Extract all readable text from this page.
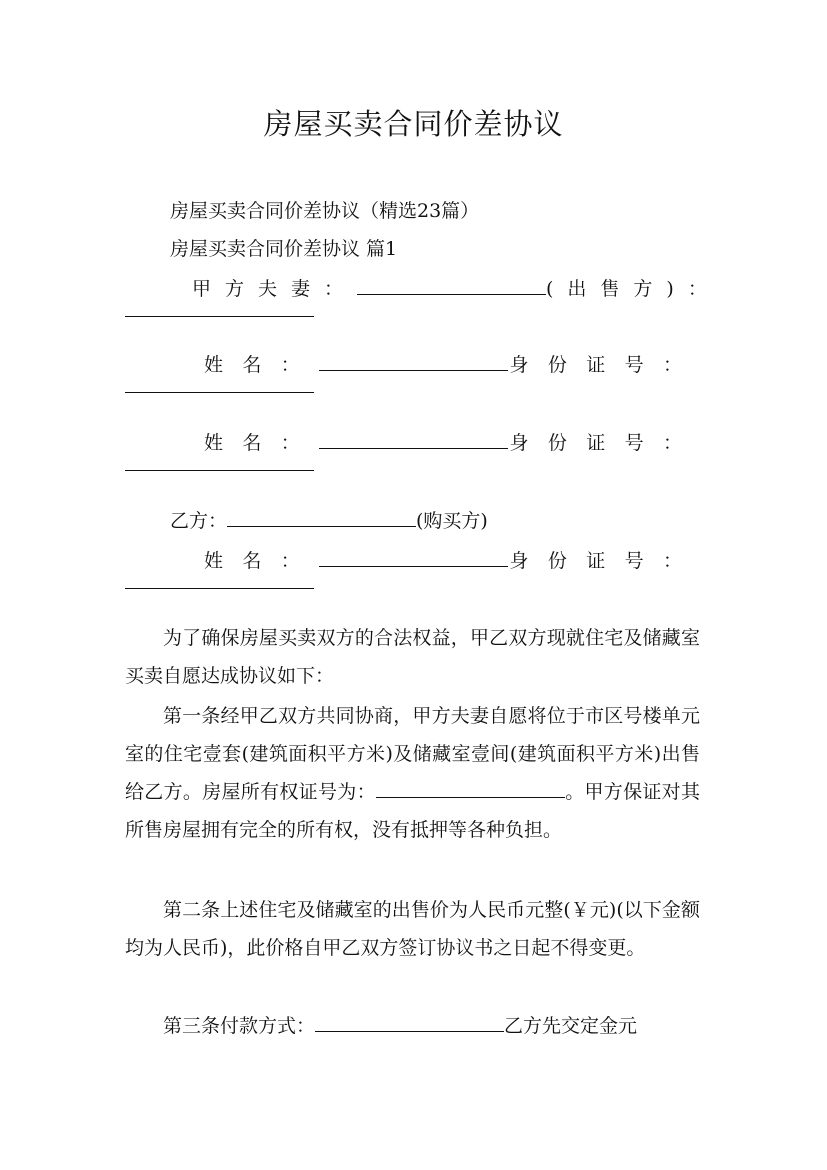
房屋买卖合同价差协议
房屋买卖合同价差协议（精选23篇）
房屋买卖合同价差协议 篇1
甲方夫妻：	(出售方)：
姓名：	身份证号：
姓名：	身份证号：
乙方：	(购买方)
姓名：	身份证号：
为了确保房屋买卖双方的合法权益，甲乙双方现就住宅及储藏室买卖自愿达成协议如下：
第一条经甲乙双方共同协商，甲方夫妻自愿将位于市区号楼单元室的住宅壹套(建筑面积平方米)及储藏室壹间(建筑面积平方米)出售给乙方。房屋所有权证号为：	。甲方保证对其所售房屋拥有完全的所有权，没有抵押等各种负担。
第二条上述住宅及储藏室的出售价为人民币元整(￥元)(以下金额均为人民币)，此价格自甲乙双方签订协议书之日起不得变更。
第三条付款方式：	乙方先交定金元
